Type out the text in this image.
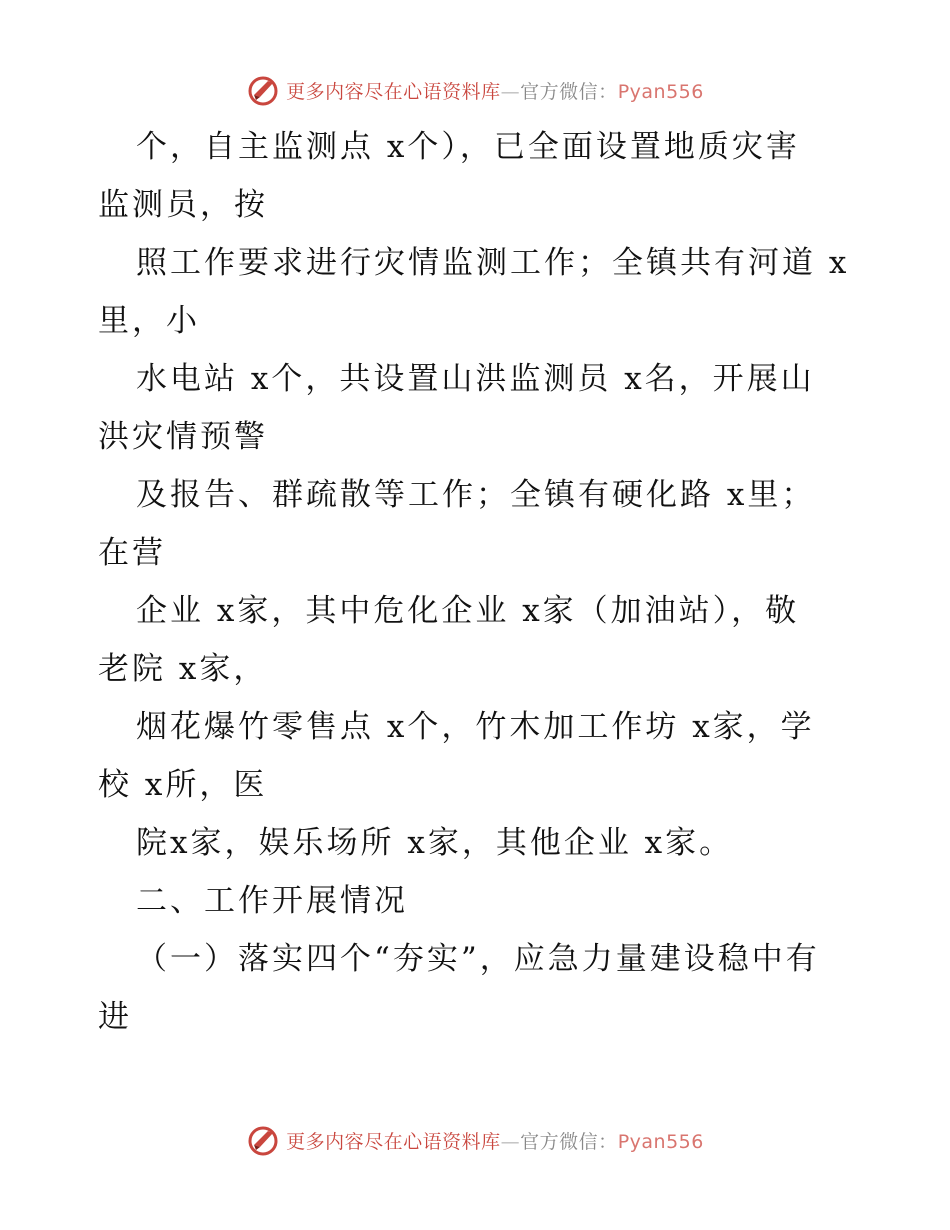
更多内容尽在心语资料库—官方微信：Pyan556
个，自主监测点 x个），已全面设置地质灾害
监测员，按
照工作要求进行灾情监测工作；全镇共有河道 x
里，小
水电站 x个，共设置山洪监测员 x名，开展山
洪灾情预警
及报告、群疏散等工作；全镇有硬化路 x里；
在营
企业 x家，其中危化企业 x家（加油站），敬
老院 x家，
烟花爆竹零售点 x个，竹木加工作坊 x家，学
校 x所，医
院x家，娱乐场所 x家，其他企业 x家。
二、工作开展情况
（一）落实四个“夯实”，应急力量建设稳中有
进
更多内容尽在心语资料库—官方微信：Pyan556
